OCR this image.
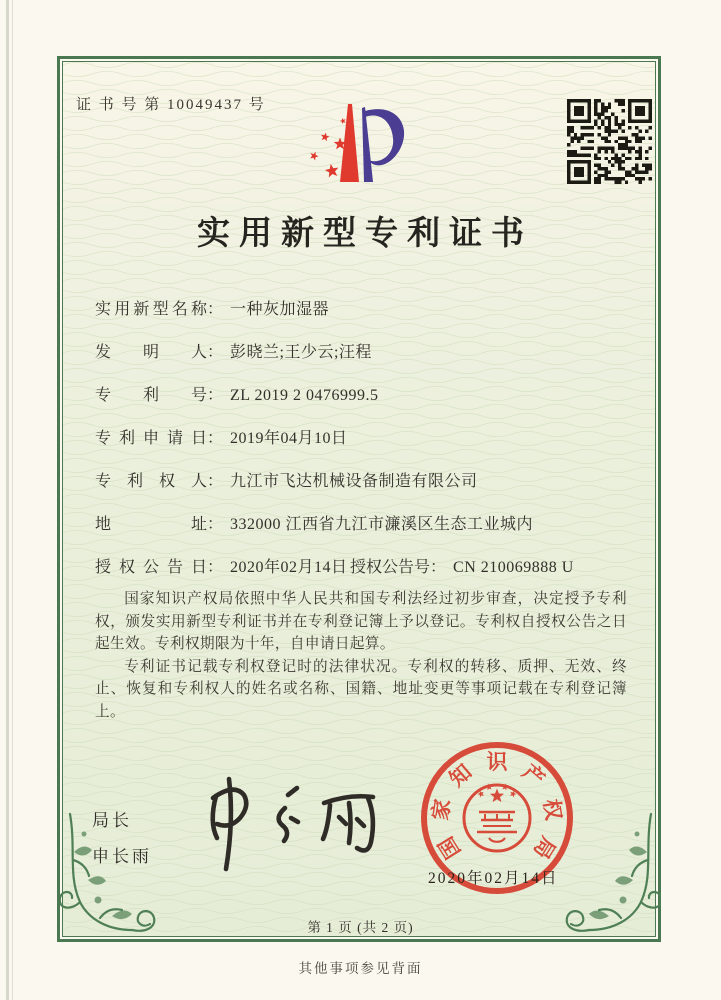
证 书 号 第 10049437 号
实用新型专利证书
实用新型名称： 一种灰加湿器
发明人： 彭晓兰;王少云;汪程
专利号： ZL 2019 2 0476999.5
专利申请日： 2019年04月10日
专利权人： 九江市飞达机械设备制造有限公司
地址： 332000 江西省九江市濂溪区生态工业城内
授权公告日： 2020年02月14日 授权公告号： CN 210069888 U

国家知识产权局依照中华人民共和国专利法经过初步审查，决定授予专利权，颁发实用新型专利证书并在专利登记簿上予以登记。专利权自授权公告之日起生效。专利权期限为十年，自申请日起算。

专利证书记载专利权登记时的法律状况。专利权的转移、质押、无效、终止、恢复和专利权人的姓名或名称、国籍、地址变更等事项记载在专利登记簿上。

局长
申长雨	国
家
知 识 产
权
局
2020年02月14日
第 1 页 (共 2 页)
其他事项参见背面
